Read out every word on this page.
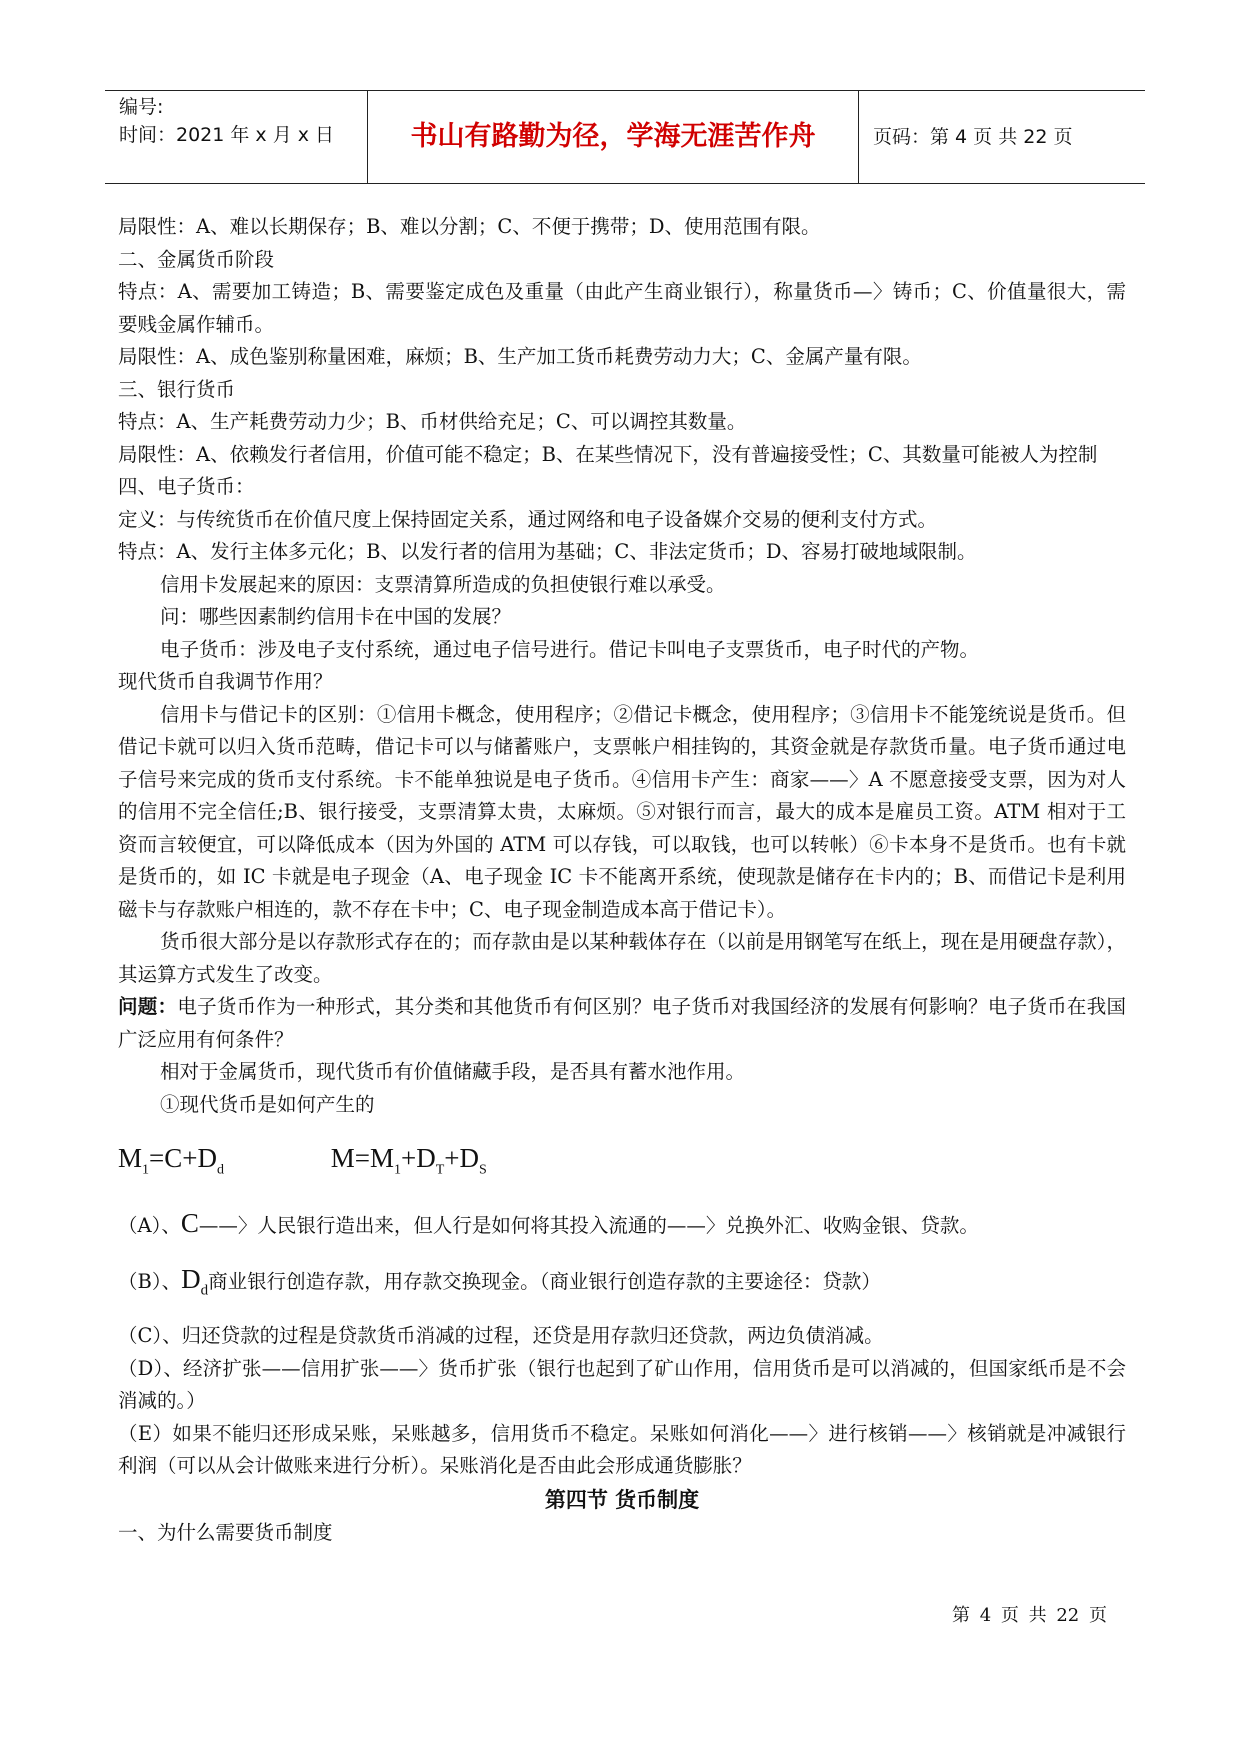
编号:
时间：2021 年 x 月 x 日	书山有路勤为径，学海无涯苦作舟	页码：第 4 页 共 22 页

局限性：A、难以长期保存；B、难以分割；C、不便于携带；D、使用范围有限。

二、金属货币阶段

特点：A、需要加工铸造；B、需要鉴定成色及重量（由此产生商业银行），称量货币—〉铸币；C、价值量很大，需要贱金属作辅币。

局限性：A、成色鉴别称量困难，麻烦；B、生产加工货币耗费劳动力大；C、金属产量有限。

三、银行货币

特点：A、生产耗费劳动力少；B、币材供给充足；C、可以调控其数量。

局限性：A、依赖发行者信用，价值可能不稳定；B、在某些情况下，没有普遍接受性；C、其数量可能被人为控制

四、电子货币：

定义：与传统货币在价值尺度上保持固定关系，通过网络和电子设备媒介交易的便利支付方式。

特点：A、发行主体多元化；B、以发行者的信用为基础；C、非法定货币；D、容易打破地域限制。

信用卡发展起来的原因：支票清算所造成的负担使银行难以承受。

问：哪些因素制约信用卡在中国的发展？

电子货币：涉及电子支付系统，通过电子信号进行。借记卡叫电子支票货币，电子时代的产物。

现代货币自我调节作用？

信用卡与借记卡的区别：①信用卡概念，使用程序；②借记卡概念，使用程序；③信用卡不能笼统说是货币。但借记卡就可以归入货币范畴，借记卡可以与储蓄账户，支票帐户相挂钩的，其资金就是存款货币量。电子货币通过电子信号来完成的货币支付系统。卡不能单独说是电子货币。④信用卡产生：商家——〉A 不愿意接受支票，因为对人的信用不完全信任;B、银行接受，支票清算太贵，太麻烦。⑤对银行而言，最大的成本是雇员工资。ATM 相对于工资而言较便宜，可以降低成本（因为外国的 ATM 可以存钱，可以取钱，也可以转帐）⑥卡本身不是货币。也有卡就是货币的，如 IC 卡就是电子现金（A、电子现金 IC 卡不能离开系统，使现款是储存在卡内的；B、而借记卡是利用磁卡与存款账户相连的，款不存在卡中；C、电子现金制造成本高于借记卡）。

货币很大部分是以存款形式存在的；而存款由是以某种载体存在（以前是用钢笔写在纸上，现在是用硬盘存款），其运算方式发生了改变。

问题：电子货币作为一种形式，其分类和其他货币有何区别？电子货币对我国经济的发展有何影响？电子货币在我国广泛应用有何条件？

相对于金属货币，现代货币有价值储藏手段，是否具有蓄水池作用。

①现代货币是如何产生的

$M_1=C+D_d$	$M=M_1+D_T+D_S$

（A）、C——〉人民银行造出来，但人行是如何将其投入流通的——〉兑换外汇、收购金银、贷款。

（B）、$D_d$商业银行创造存款，用存款交换现金。（商业银行创造存款的主要途径：贷款）

（C）、归还贷款的过程是贷款货币消减的过程，还贷是用存款归还贷款，两边负债消减。

（D）、经济扩张——信用扩张——〉货币扩张（银行也起到了矿山作用，信用货币是可以消减的，但国家纸币是不会消减的。）

（E）如果不能归还形成呆账，呆账越多，信用货币不稳定。呆账如何消化——〉进行核销——〉核销就是冲减银行利润（可以从会计做账来进行分析）。呆账消化是否由此会形成通货膨胀？

第四节 货币制度

一、为什么需要货币制度

第 4 页 共 22 页
